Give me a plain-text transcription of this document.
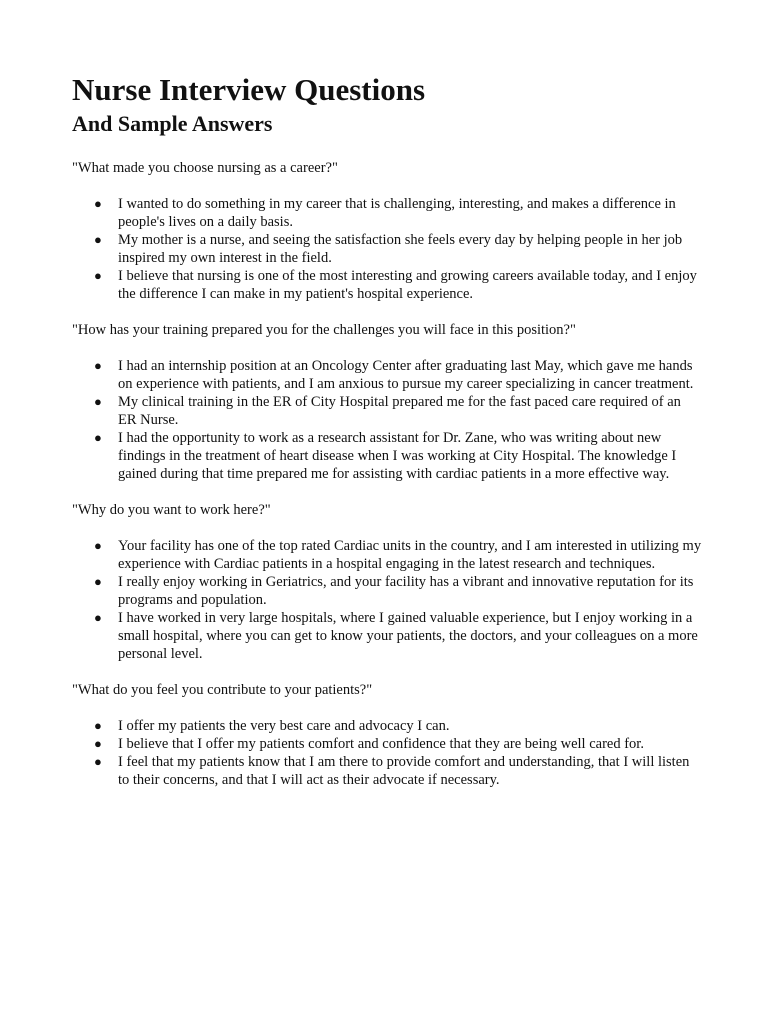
Nurse Interview Questions
And Sample Answers

"What made you choose nursing as a career?"

● I wanted to do something in my career that is challenging, interesting, and makes a difference in people's lives on a daily basis.
● My mother is a nurse, and seeing the satisfaction she feels every day by helping people in her job inspired my own interest in the field.
● I believe that nursing is one of the most interesting and growing careers available today, and I enjoy the difference I can make in my patient's hospital experience.

"How has your training prepared you for the challenges you will face in this position?"

● I had an internship position at an Oncology Center after graduating last May, which gave me hands on experience with patients, and I am anxious to pursue my career specializing in cancer treatment.
● My clinical training in the ER of City Hospital prepared me for the fast paced care required of an ER Nurse.
● I had the opportunity to work as a research assistant for Dr. Zane, who was writing about new findings in the treatment of heart disease when I was working at City Hospital. The knowledge I gained during that time prepared me for assisting with cardiac patients in a more effective way.

"Why do you want to work here?"

● Your facility has one of the top rated Cardiac units in the country, and I am interested in utilizing my experience with Cardiac patients in a hospital engaging in the latest research and techniques.
● I really enjoy working in Geriatrics, and your facility has a vibrant and innovative reputation for its programs and population.
● I have worked in very large hospitals, where I gained valuable experience, but I enjoy working in a small hospital, where you can get to know your patients, the doctors, and your colleagues on a more personal level.

"What do you feel you contribute to your patients?"

● I offer my patients the very best care and advocacy I can.
● I believe that I offer my patients comfort and confidence that they are being well cared for.
● I feel that my patients know that I am there to provide comfort and understanding, that I will listen to their concerns, and that I will act as their advocate if necessary.
